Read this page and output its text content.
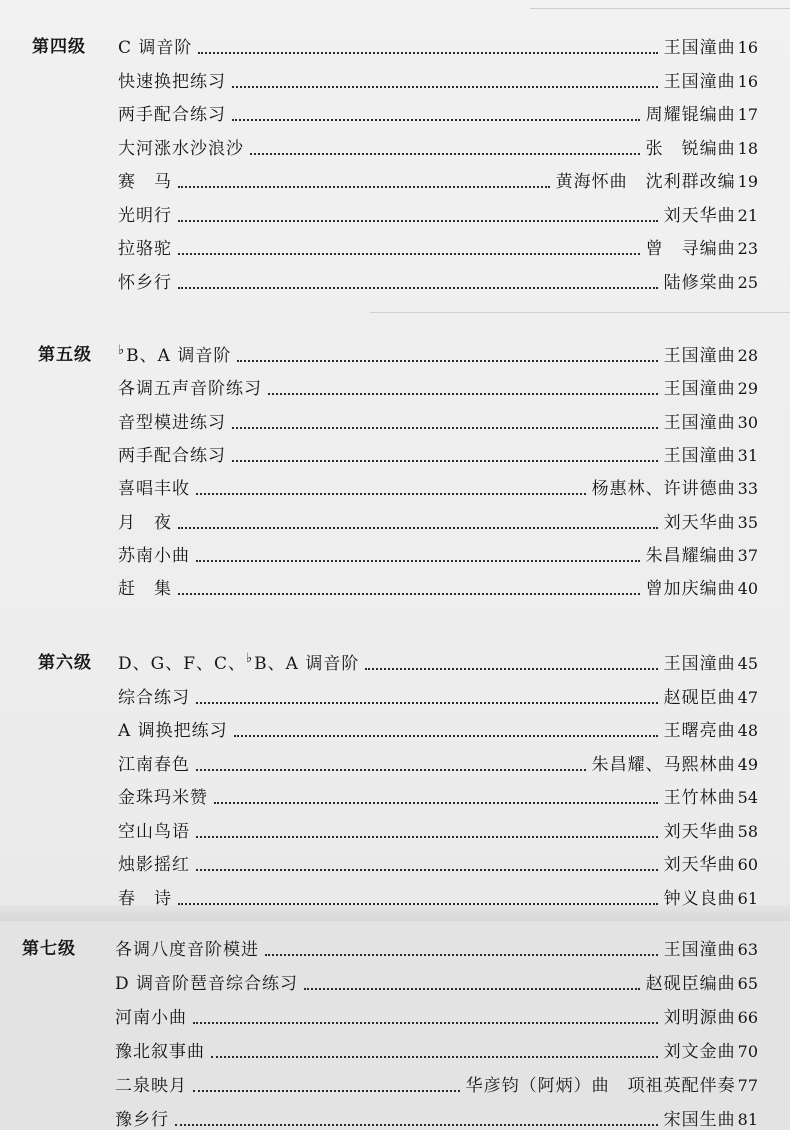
第四级 C 调音阶	王国潼曲 16
快速换把练习	王国潼曲 16
两手配合练习	周耀锟编曲 17
大河涨水沙浪沙	张　锐编曲 18
赛　马	黄海怀曲　沈利群改编 19
光明行	刘天华曲 21
拉骆驼	曾　寻编曲 23
怀乡行	陆修棠曲 25
第五级 ♭B、A 调音阶	王国潼曲 28
各调五声音阶练习	王国潼曲 29
音型模进练习	王国潼曲 30
两手配合练习	王国潼曲 31
喜唱丰收	杨惠林、许讲德曲 33
月　夜	刘天华曲 35
苏南小曲	朱昌耀编曲 37
赶　集	曾加庆编曲 40
第六级 D、G、F、C、♭B、A 调音阶	王国潼曲 45
综合练习	赵砚臣曲 47
A 调换把练习	王曙亮曲 48
江南春色	朱昌耀、马熙林曲 49
金珠玛米赞	王竹林曲 54
空山鸟语	刘天华曲 58
烛影摇红	刘天华曲 60
春　诗	钟义良曲 61
第七级 各调八度音阶模进	王国潼曲 63
D 调音阶琶音综合练习	赵砚臣编曲 65
河南小曲	刘明源曲 66
豫北叙事曲	刘文金曲 70
二泉映月	华彦钧（阿炳）曲　项祖英配伴奏 77
豫乡行	宋国生曲 81
